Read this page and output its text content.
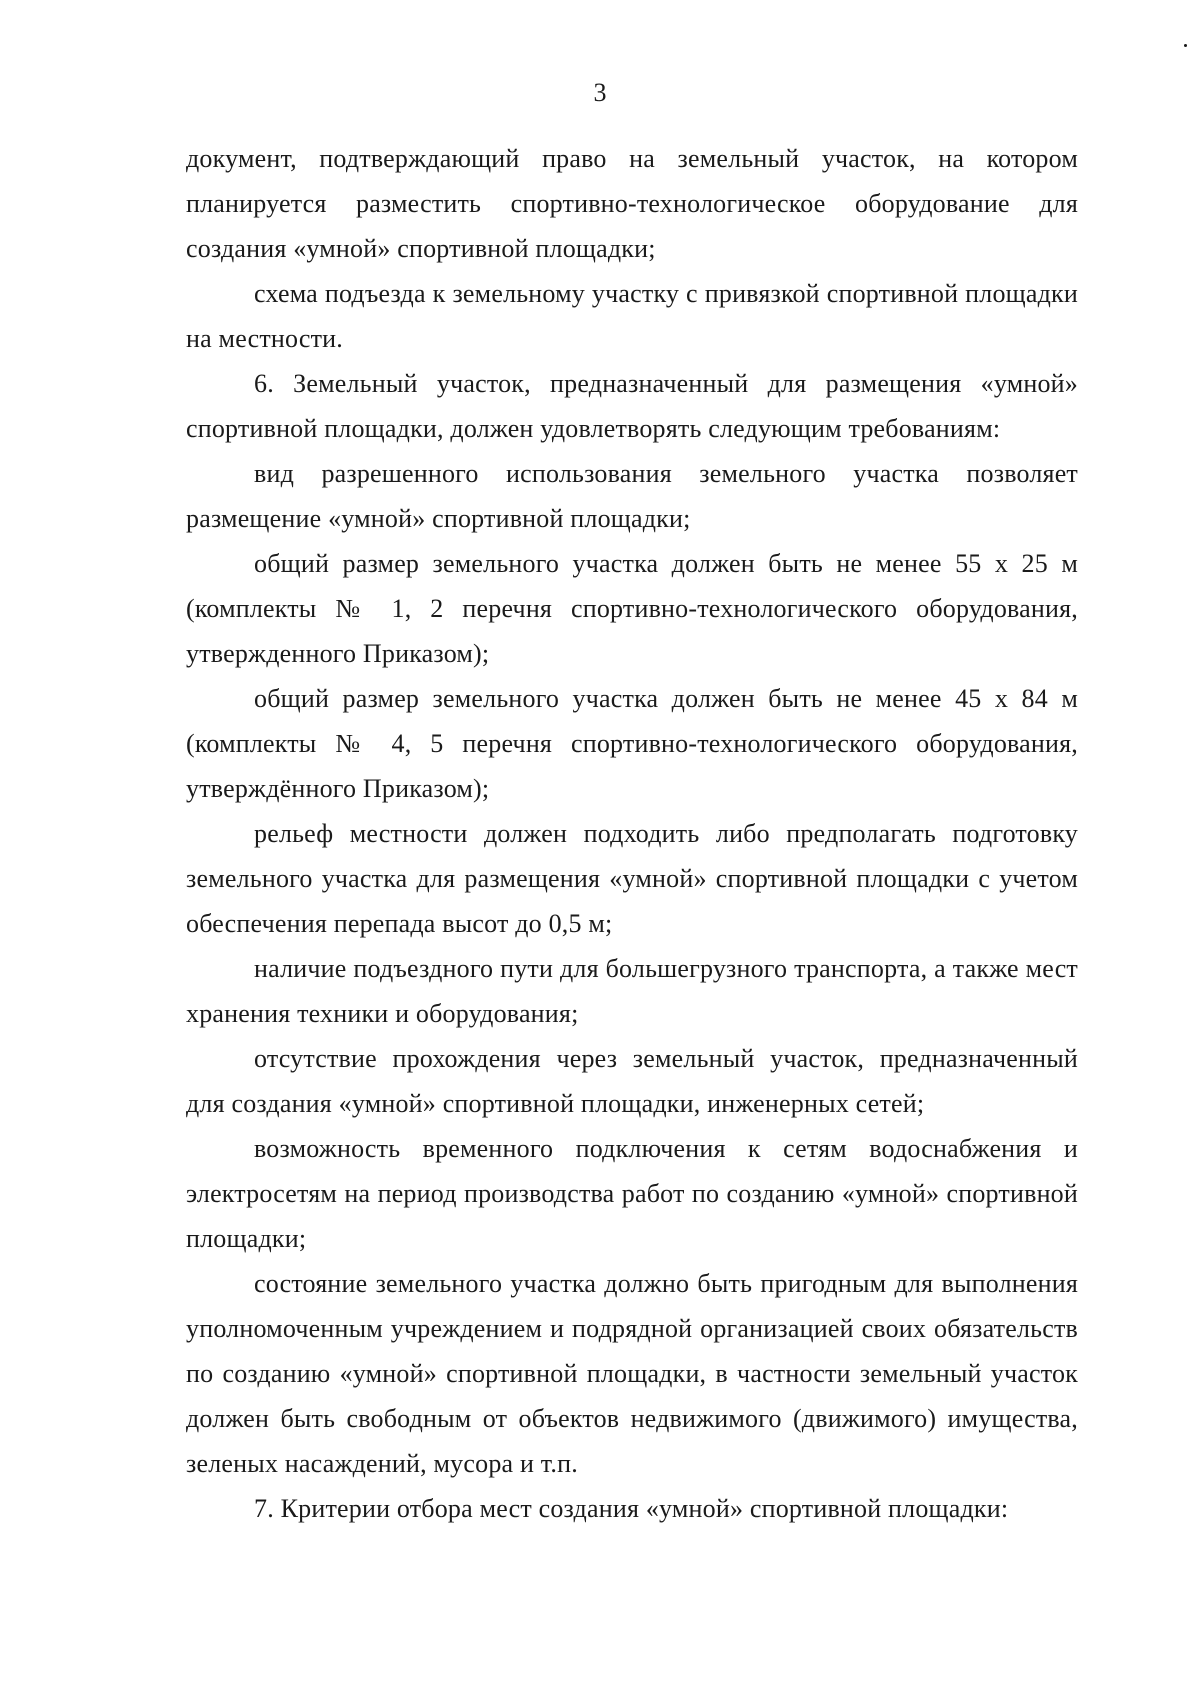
3

документ, подтверждающий право на земельный участок, на котором планируется разместить спортивно-технологическое оборудование для создания «умной» спортивной площадки;

схема подъезда к земельному участку с привязкой спортивной площадки на местности.

6. Земельный участок, предназначенный для размещения «умной» спортивной площадки, должен удовлетворять следующим требованиям:

вид разрешенного использования земельного участка позволяет размещение «умной» спортивной площадки;

общий размер земельного участка должен быть не менее 55 х 25 м (комплекты № 1, 2 перечня спортивно-технологического оборудования, утвержденного Приказом);

общий размер земельного участка должен быть не менее 45 х 84 м (комплекты № 4, 5 перечня спортивно-технологического оборудования, утверждённого Приказом);

рельеф местности должен подходить либо предполагать подготовку земельного участка для размещения «умной» спортивной площадки с учетом обеспечения перепада высот до 0,5 м;

наличие подъездного пути для большегрузного транспорта, а также мест хранения техники и оборудования;

отсутствие прохождения через земельный участок, предназначенный для создания «умной» спортивной площадки, инженерных сетей;

возможность временного подключения к сетям водоснабжения и электросетям на период производства работ по созданию «умной» спортивной площадки;

состояние земельного участка должно быть пригодным для выполнения уполномоченным учреждением и подрядной организацией своих обязательств по созданию «умной» спортивной площадки, в частности земельный участок должен быть свободным от объектов недвижимого (движимого) имущества, зеленых насаждений, мусора и т.п.

7. Критерии отбора мест создания «умной» спортивной площадки:
